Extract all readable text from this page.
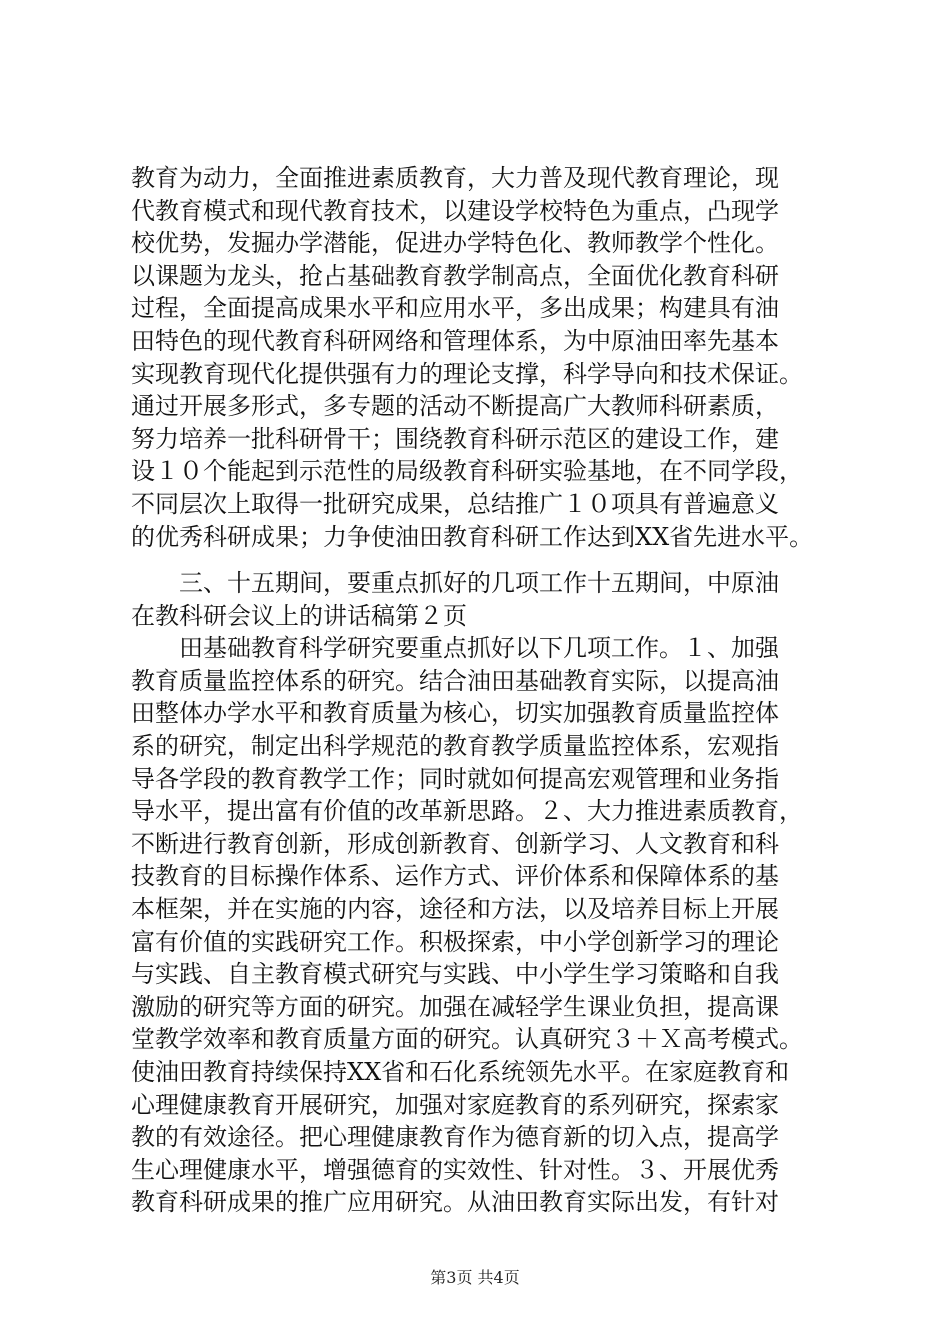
教育为动力，全面推进素质教育，大力普及现代教育理论，现
代教育模式和现代教育技术，以建设学校特色为重点，凸现学
校优势，发掘办学潜能，促进办学特色化、教师教学个性化。
以课题为龙头，抢占基础教育教学制高点，全面优化教育科研
过程，全面提高成果水平和应用水平，多出成果；构建具有油
田特色的现代教育科研网络和管理体系，为中原油田率先基本
实现教育现代化提供强有力的理论支撑，科学导向和技术保证。
通过开展多形式，多专题的活动不断提高广大教师科研素质，
努力培养一批科研骨干；围绕教育科研示范区的建设工作，建
设１０个能起到示范性的局级教育科研实验基地，在不同学段，
不同层次上取得一批研究成果，总结推广１０项具有普遍意义
的优秀科研成果；力争使油田教育科研工作达到XX省先进水平。
三、十五期间，要重点抓好的几项工作十五期间，中原油
在教科研会议上的讲话稿第２页
田基础教育科学研究要重点抓好以下几项工作。１、加强
教育质量监控体系的研究。结合油田基础教育实际，以提高油
田整体办学水平和教育质量为核心，切实加强教育质量监控体
系的研究，制定出科学规范的教育教学质量监控体系，宏观指
导各学段的教育教学工作；同时就如何提高宏观管理和业务指
导水平，提出富有价值的改革新思路。２、大力推进素质教育，
不断进行教育创新，形成创新教育、创新学习、人文教育和科
技教育的目标操作体系、运作方式、评价体系和保障体系的基
本框架，并在实施的内容，途径和方法，以及培养目标上开展
富有价值的实践研究工作。积极探索，中小学创新学习的理论
与实践、自主教育模式研究与实践、中小学生学习策略和自我
激励的研究等方面的研究。加强在减轻学生课业负担，提高课
堂教学效率和教育质量方面的研究。认真研究３＋Ｘ高考模式。
使油田教育持续保持XX省和石化系统领先水平。在家庭教育和
心理健康教育开展研究，加强对家庭教育的系列研究，探索家
教的有效途径。把心理健康教育作为德育新的切入点，提高学
生心理健康水平，增强德育的实效性、针对性。３、开展优秀
教育科研成果的推广应用研究。从油田教育实际出发，有针对
第3页 共4页
